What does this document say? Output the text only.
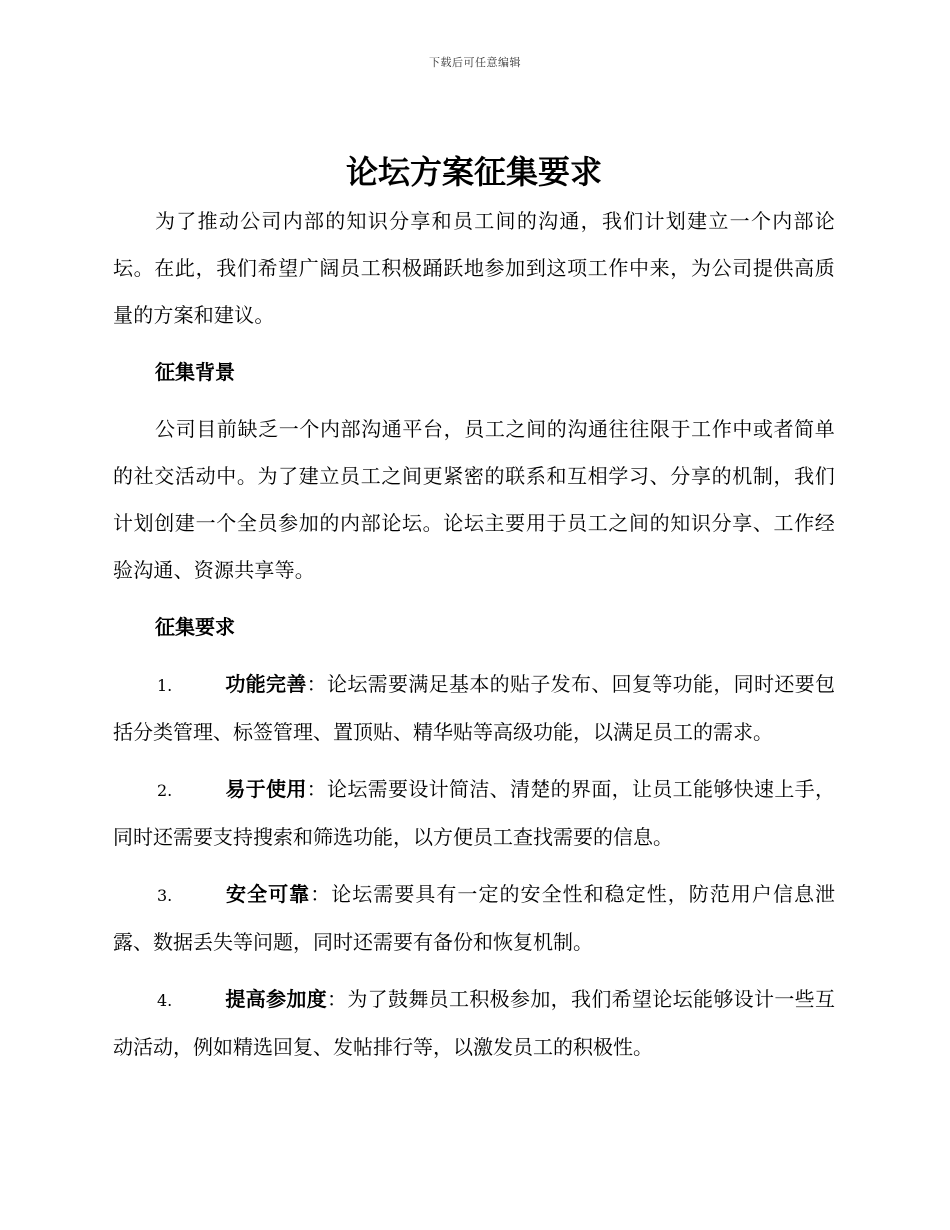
下载后可任意编辑
论坛方案征集要求

为了推动公司内部的知识分享和员工间的沟通，我们计划建立一个内部论坛。在此，我们希望广阔员工积极踊跃地参加到这项工作中来，为公司提供高质量的方案和建议。

征集背景

公司目前缺乏一个内部沟通平台，员工之间的沟通往往限于工作中或者简单的社交活动中。为了建立员工之间更紧密的联系和互相学习、分享的机制，我们计划创建一个全员参加的内部论坛。论坛主要用于员工之间的知识分享、工作经验沟通、资源共享等。

征集要求

1.	功能完善：论坛需要满足基本的贴子发布、回复等功能，同时还要包括分类管理、标签管理、置顶贴、精华贴等高级功能，以满足员工的需求。

2.	易于使用：论坛需要设计简洁、清楚的界面，让员工能够快速上手，同时还需要支持搜索和筛选功能，以方便员工查找需要的信息。

3.	安全可靠：论坛需要具有一定的安全性和稳定性，防范用户信息泄露、数据丢失等问题，同时还需要有备份和恢复机制。

4.	提高参加度：为了鼓舞员工积极参加，我们希望论坛能够设计一些互动活动，例如精选回复、发帖排行等，以激发员工的积极性。
